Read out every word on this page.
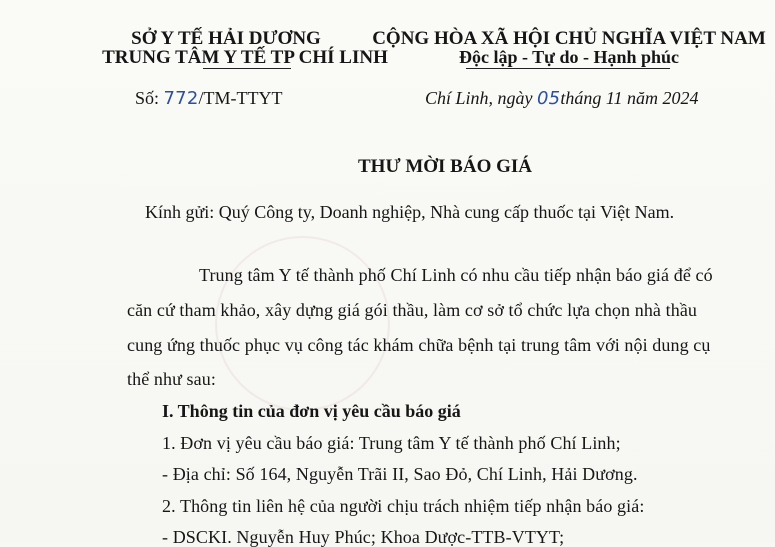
SỞ Y TẾ HẢI DƯƠNG
TRUNG TÂM Y TẾ TP CHÍ LINH
CỘNG HÒA XÃ HỘI CHỦ NGHĨA VIỆT NAM
Độc lập - Tự do - Hạnh phúc
Số: 772/TM-TTYT	Chí Linh, ngày 05tháng 11 năm 2024
THƯ MỜI BÁO GIÁ
Kính gửi: Quý Công ty, Doanh nghiệp, Nhà cung cấp thuốc tại Việt Nam.
Trung tâm Y tế thành phố Chí Linh có nhu cầu tiếp nhận báo giá để có
căn cứ tham khảo, xây dựng giá gói thầu, làm cơ sở tổ chức lựa chọn nhà thầu
cung ứng thuốc phục vụ công tác khám chữa bệnh tại trung tâm với nội dung cụ
thể như sau:
I. Thông tin của đơn vị yêu cầu báo giá
1. Đơn vị yêu cầu báo giá: Trung tâm Y tế thành phố Chí Linh;
- Địa chỉ: Số 164, Nguyễn Trãi II, Sao Đỏ, Chí Linh, Hải Dương.
2. Thông tin liên hệ của người chịu trách nhiệm tiếp nhận báo giá:
- DSCKI. Nguyễn Huy Phúc; Khoa Dược-TTB-VTYT;
